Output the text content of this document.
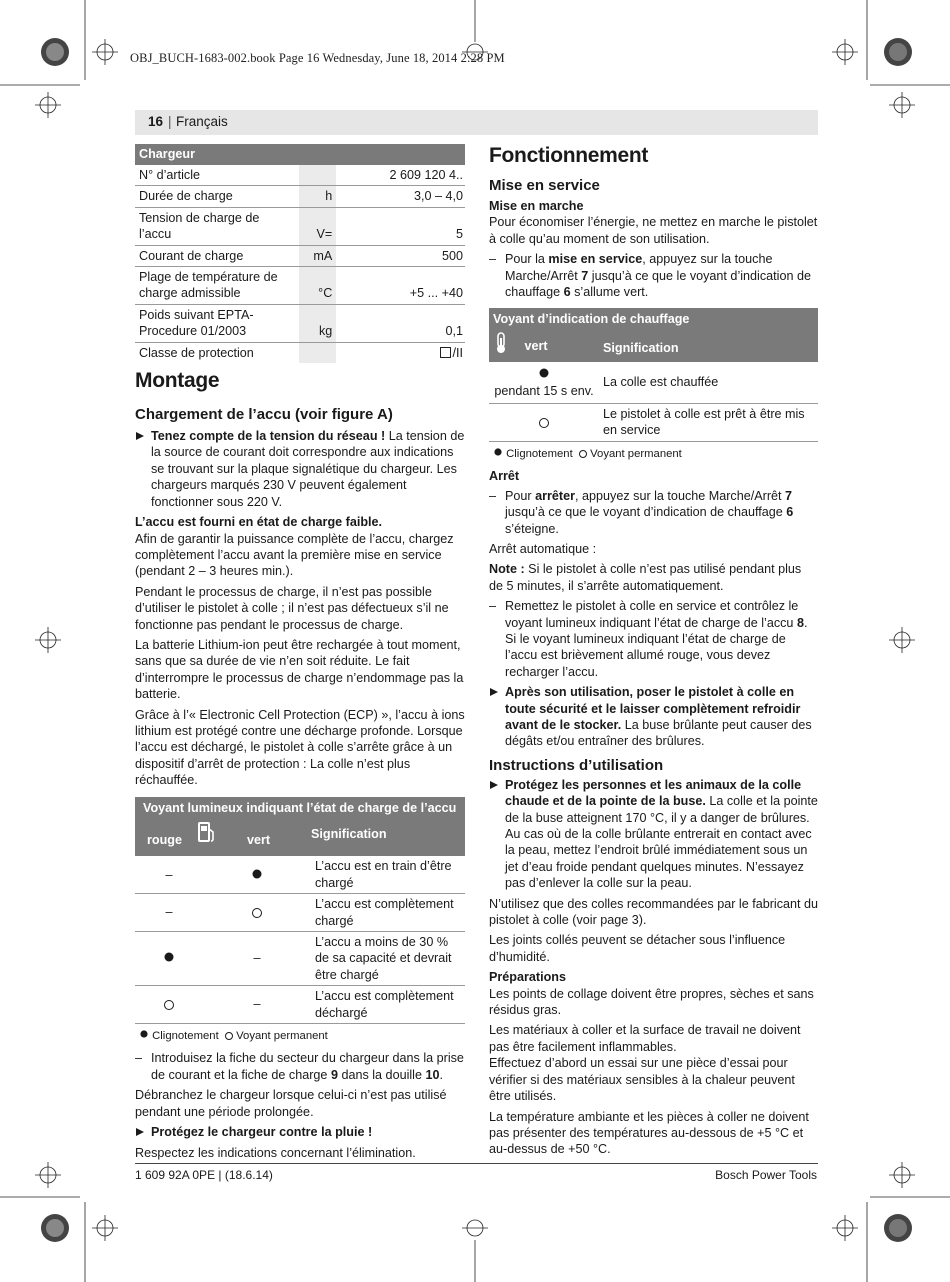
OBJ_BUCH-1683-002.book Page 16 Wednesday, June 18, 2014 2:28 PM
16 | Français
Chargeur		
N° d’article		2 609 120 4..
Durée de charge	h	3,0 – 4,0
Tension de charge de l’accu	V=	5
Courant de charge	mA	500
Plage de température de charge admissible	°C	+5 ... +40
Poids suivant EPTA-Procedure 01/2003	kg	0,1
Classe de protection		/II
Montage
Chargement de l’accu (voir figure A)

Tenez compte de la tension du réseau ! La tension de la source de courant doit correspondre aux indications se trouvant sur la plaque signalétique du chargeur. Les chargeurs marqués 230 V peuvent également fonctionner sous 220 V.

L’accu est fourni en état de charge faible.

Afin de garantir la puissance complète de l’accu, chargez complètement l’accu avant la première mise en service (pendant 2 – 3 heures min.).

Pendant le processus de charge, il n’est pas possible d’utiliser le pistolet à colle ; il n’est pas défectueux s’il ne fonctionne pas pendant le processus de charge.

La batterie Lithium-ion peut être rechargée à tout moment, sans que sa durée de vie n’en soit réduite. Le fait d’interrompre le processus de charge n’endommage pas la batterie.

Grâce à l’« Electronic Cell Protection (ECP) », l’accu à ions lithium est protégé contre une décharge profonde. Lorsque l’accu est déchargé, le pistolet à colle s’arrête grâce à un dispositif d’arrêt de protection : La colle n’est plus réchauffée.

Voyant lumineux indiquant l’état de charge de l’accu
rouge	vert		Signification
–		L’accu est en train d’être chargé
–		L’accu est complètement chargé
	–	L’accu a moins de 30 % de sa capacité et devrait être chargé
	–	L’accu est complètement déchargé
Clignotement Voyant permanent

– Introduisez la fiche du secteur du chargeur dans la prise de courant et la fiche de charge 9 dans la douille 10.

Débranchez le chargeur lorsque celui-ci n’est pas utilisé pendant une période prolongée.

Protégez le chargeur contre la pluie !

Respectez les indications concernant l’élimination.

Fonctionnement
Mise en service
Mise en marche

Pour économiser l’énergie, ne mettez en marche le pistolet à colle qu’au moment de son utilisation.

– Pour la mise en service, appuyez sur la touche Marche/Arrêt 7 jusqu’à ce que le voyant d’indication de chauffage 6 s’allume vert.

Voyant d’indication de chauffage	
vert	Signification

pendant 15 s env.	La colle est chauffée
	Le pistolet à colle est prêt à être mis en service
Clignotement Voyant permanent
Arrêt

– Pour arrêter, appuyez sur la touche Marche/Arrêt 7 jusqu’à ce que le voyant d’indication de chauffage 6 s’éteigne.

Arrêt automatique :

Note : Si le pistolet à colle n’est pas utilisé pendant plus de 5 minutes, il s’arrête automatiquement.

– Remettez le pistolet à colle en service et contrôlez le voyant lumineux indiquant l’état de charge de l’accu 8.

Si le voyant lumineux indiquant l’état de charge de l’accu est brièvement allumé rouge, vous devez recharger l’accu.

Après son utilisation, poser le pistolet à colle en toute sécurité et le laisser complètement refroidir avant de le stocker. La buse brûlante peut causer des dégâts et/ou entraîner des brûlures.

Instructions d’utilisation

Protégez les personnes et les animaux de la colle chaude et de la pointe de la buse. La colle et la pointe de la buse atteignent 170 °C, il y a danger de brûlures. Au cas où de la colle brûlante entrerait en contact avec la peau, mettez l’endroit brûlé immédiatement sous un jet d’eau froide pendant quelques minutes. N’essayez pas d’enlever la colle sur la peau.

N’utilisez que des colles recommandées par le fabricant du pistolet à colle (voir page 3).

Les joints collés peuvent se détacher sous l’influence d’humidité.

Préparations

Les points de collage doivent être propres, sèches et sans résidus gras.

Les matériaux à coller et la surface de travail ne doivent pas être facilement inflammables.

Effectuez d’abord un essai sur une pièce d’essai pour vérifier si des matériaux sensibles à la chaleur peuvent être utilisés.

La température ambiante et les pièces à coller ne doivent pas présenter des températures au-dessous de +5 °C et au-dessus de +50 °C.

1 609 92A 0PE | (18.6.14)	Bosch Power Tools
